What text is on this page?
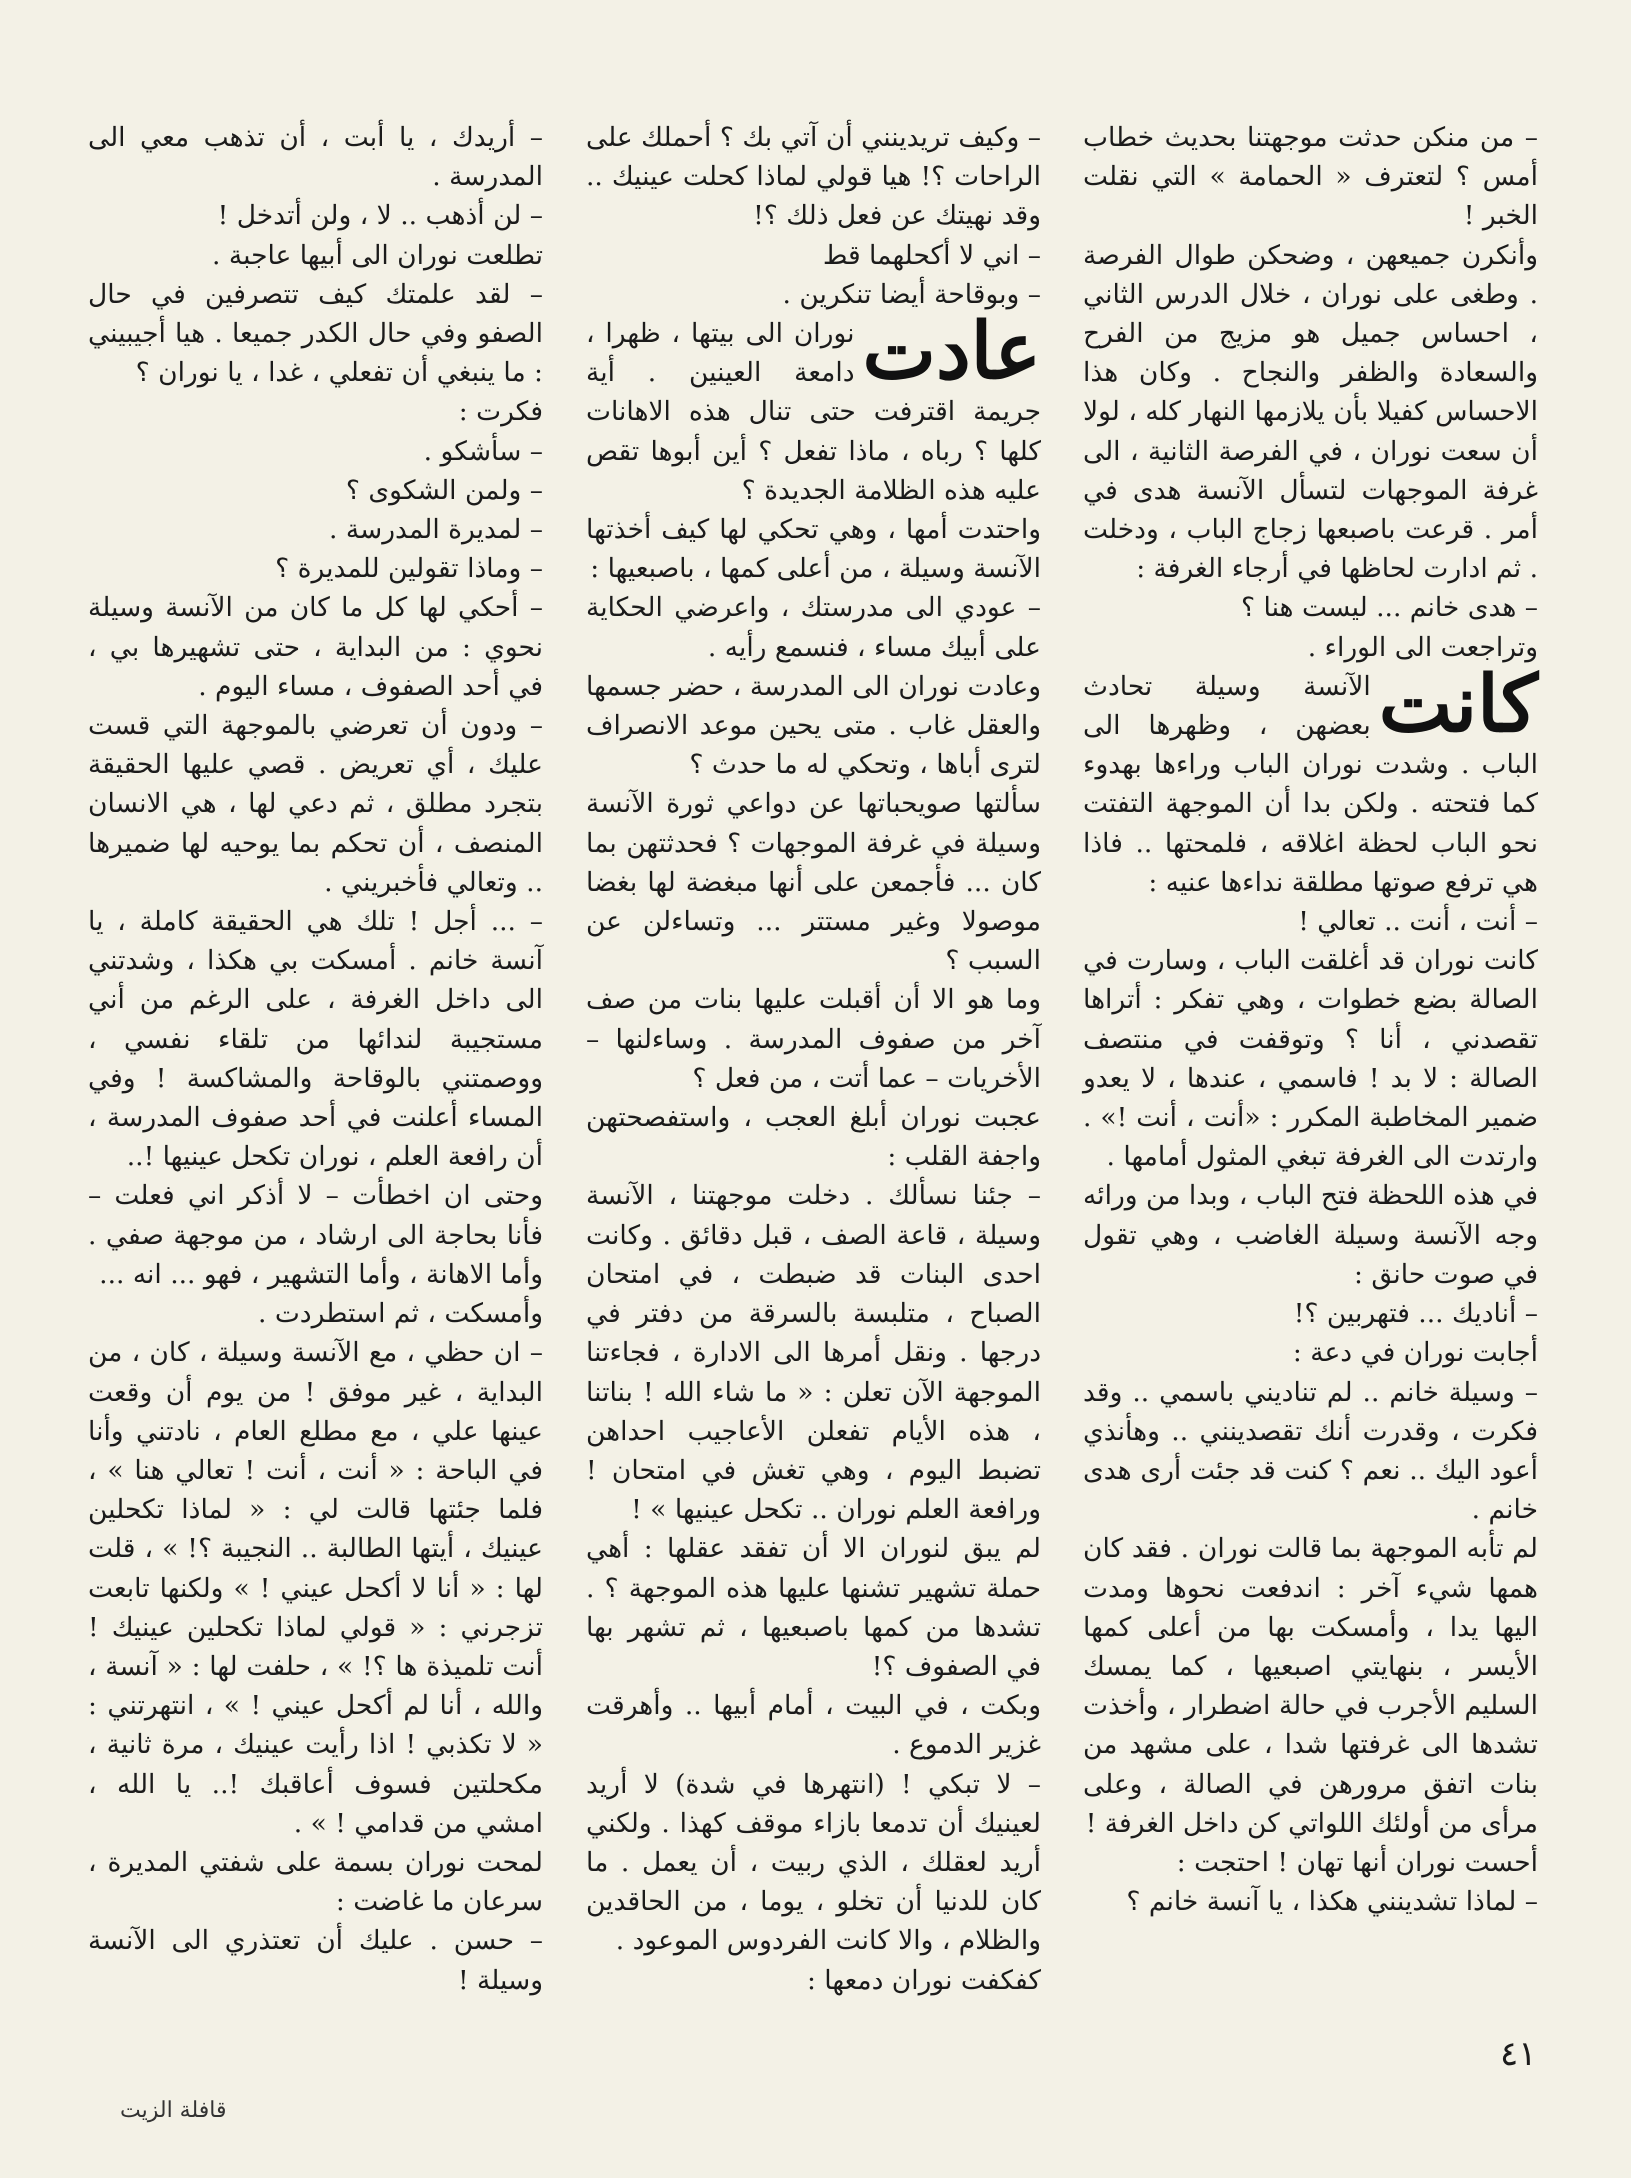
– من منكن حدثت موجهتنا بحديث خطاب أمس ؟ لتعترف « الحمامة » التي نقلت الخبر !

وأنكرن جميعهن ، وضحكن طوال الفرصة . وطغى على نوران ، خلال الدرس الثاني ، احساس جميل هو مزيج من الفرح والسعادة والظفر والنجاح . وكان هذا الاحساس كفيلا بأن يلازمها النهار كله ، لولا أن سعت نوران ، في الفرصة الثانية ، الى غرفة الموجهات لتسأل الآنسة هدى في أمر . قرعت باصبعها زجاج الباب ، ودخلت . ثم ادارت لحاظها في أرجاء الغرفة :

– هدى خانم ... ليست هنا ؟

وتراجعت الى الوراء .

كانت
الآنسة وسيلة تحادث بعضهن ، وظهرها الى الباب . وشدت نوران الباب وراءها بهدوء كما فتحته . ولكن بدا أن الموجهة التفتت نحو الباب لحظة اغلاقه ، فلمحتها .. فاذا هي ترفع صوتها مطلقة نداءها عنيه :

– أنت ، أنت .. تعالي !

كانت نوران قد أغلقت الباب ، وسارت في الصالة بضع خطوات ، وهي تفكر : أتراها تقصدني ، أنا ؟ وتوقفت في منتصف الصالة : لا بد ! فاسمي ، عندها ، لا يعدو ضمير المخاطبة المكرر : «أنت ، أنت !» . وارتدت الى الغرفة تبغي المثول أمامها .

في هذه اللحظة فتح الباب ، وبدا من ورائه وجه الآنسة وسيلة الغاضب ، وهي تقول في صوت حانق :

– أناديك ... فتهربين ؟!

أجابت نوران في دعة :

– وسيلة خانم .. لم تناديني باسمي .. وقد فكرت ، وقدرت أنك تقصدينني .. وهأنذي أعود اليك .. نعم ؟ كنت قد جئت أرى هدى خانم .

لم تأبه الموجهة بما قالت نوران . فقد كان همها شيء آخر : اندفعت نحوها ومدت اليها يدا ، وأمسكت بها من أعلى كمها الأيسر ، بنهايتي اصبعيها ، كما يمسك السليم الأجرب في حالة اضطرار ، وأخذت تشدها الى غرفتها شدا ، على مشهد من بنات اتفق مرورهن في الصالة ، وعلى مرأى من أولئك اللواتي كن داخل الغرفة !

أحست نوران أنها تهان ! احتجت :

– لماذا تشدينني هكذا ، يا آنسة خانم ؟

– وكيف تريدينني أن آتي بك ؟ أحملك على الراحات ؟! هيا قولي لماذا كحلت عينيك .. وقد نهيتك عن فعل ذلك ؟!

– اني لا أكحلهما قط

– وبوقاحة أيضا تنكرين .

عادت
نوران الى بيتها ، ظهرا ، دامعة العينين . أية جريمة اقترفت حتى تنال هذه الاهانات كلها ؟ رباه ، ماذا تفعل ؟ أين أبوها تقص عليه هذه الظلامة الجديدة ؟

واحتدت أمها ، وهي تحكي لها كيف أخذتها الآنسة وسيلة ، من أعلى كمها ، باصبعيها :

– عودي الى مدرستك ، واعرضي الحكاية على أبيك مساء ، فنسمع رأيه .

وعادت نوران الى المدرسة ، حضر جسمها والعقل غاب . متى يحين موعد الانصراف لترى أباها ، وتحكي له ما حدث ؟

سألتها صويحباتها عن دواعي ثورة الآنسة وسيلة في غرفة الموجهات ؟ فحدثتهن بما كان ... فأجمعن على أنها مبغضة لها بغضا موصولا وغير مستتر ... وتساءلن عن السبب ؟

وما هو الا أن أقبلت عليها بنات من صف آخر من صفوف المدرسة . وساءلنها – الأخريات – عما أتت ، من فعل ؟

عجبت نوران أبلغ العجب ، واستفصحتهن واجفة القلب :

– جئنا نسألك . دخلت موجهتنا ، الآنسة وسيلة ، قاعة الصف ، قبل دقائق . وكانت احدى البنات قد ضبطت ، في امتحان الصباح ، متلبسة بالسرقة من دفتر في درجها . ونقل أمرها الى الادارة ، فجاءتنا الموجهة الآن تعلن : « ما شاء الله ! بناتنا ، هذه الأيام تفعلن الأعاجيب احداهن تضبط اليوم ، وهي تغش في امتحان ! ورافعة العلم نوران .. تكحل عينيها » !

لم يبق لنوران الا أن تفقد عقلها : أهي حملة تشهير تشنها عليها هذه الموجهة ؟ . تشدها من كمها باصبعيها ، ثم تشهر بها في الصفوف ؟!

وبكت ، في البيت ، أمام أبيها .. وأهرقت غزير الدموع .

– لا تبكي ! (انتهرها في شدة) لا أريد لعينيك أن تدمعا بازاء موقف كهذا . ولكني أريد لعقلك ، الذي ربيت ، أن يعمل . ما كان للدنيا أن تخلو ، يوما ، من الحاقدين والظلام ، والا كانت الفردوس الموعود .

كفكفت نوران دمعها :

– أريدك ، يا أبت ، أن تذهب معي الى المدرسة .

– لن أذهب .. لا ، ولن أتدخل !

تطلعت نوران الى أبيها عاجبة .

– لقد علمتك كيف تتصرفين في حال الصفو وفي حال الكدر جميعا . هيا أجيبيني : ما ينبغي أن تفعلي ، غدا ، يا نوران ؟

فكرت :

– سأشكو .

– ولمن الشكوى ؟

– لمديرة المدرسة .

– وماذا تقولين للمديرة ؟

– أحكي لها كل ما كان من الآنسة وسيلة نحوي : من البداية ، حتى تشهيرها بي ، في أحد الصفوف ، مساء اليوم .

– ودون أن تعرضي بالموجهة التي قست عليك ، أي تعريض . قصي عليها الحقيقة بتجرد مطلق ، ثم دعي لها ، هي الانسان المنصف ، أن تحكم بما يوحيه لها ضميرها .. وتعالي فأخبريني .

– ... أجل ! تلك هي الحقيقة كاملة ، يا آنسة خانم . أمسكت بي هكذا ، وشدتني الى داخل الغرفة ، على الرغم من أني مستجيبة لندائها من تلقاء نفسي ، ووصمتني بالوقاحة والمشاكسة ! وفي المساء أعلنت في أحد صفوف المدرسة ، أن رافعة العلم ، نوران تكحل عينيها !..

وحتى ان اخطأت – لا أذكر اني فعلت – فأنا بحاجة الى ارشاد ، من موجهة صفي . وأما الاهانة ، وأما التشهير ، فهو ... انه ...

وأمسكت ، ثم استطردت .

– ان حظي ، مع الآنسة وسيلة ، كان ، من البداية ، غير موفق ! من يوم أن وقعت عينها علي ، مع مطلع العام ، نادتني وأنا في الباحة : « أنت ، أنت ! تعالي هنا » ، فلما جئتها قالت لي : « لماذا تكحلين عينيك ، أيتها الطالبة .. النجيبة ؟! » ، قلت لها : « أنا لا أكحل عيني ! » ولكنها تابعت تزجرني : « قولي لماذا تكحلين عينيك ! أنت تلميذة ها ؟! » ، حلفت لها : « آنسة ، والله ، أنا لم أكحل عيني ! » ، انتهرتني : « لا تكذبي ! اذا رأيت عينيك ، مرة ثانية ، مكحلتين فسوف أعاقبك !.. يا الله ، امشي من قدامي ! » .

لمحت نوران بسمة على شفتي المديرة ، سرعان ما غاضت :

– حسن . عليك أن تعتذري الى الآنسة وسيلة !

٤١
قافلة الزيت
